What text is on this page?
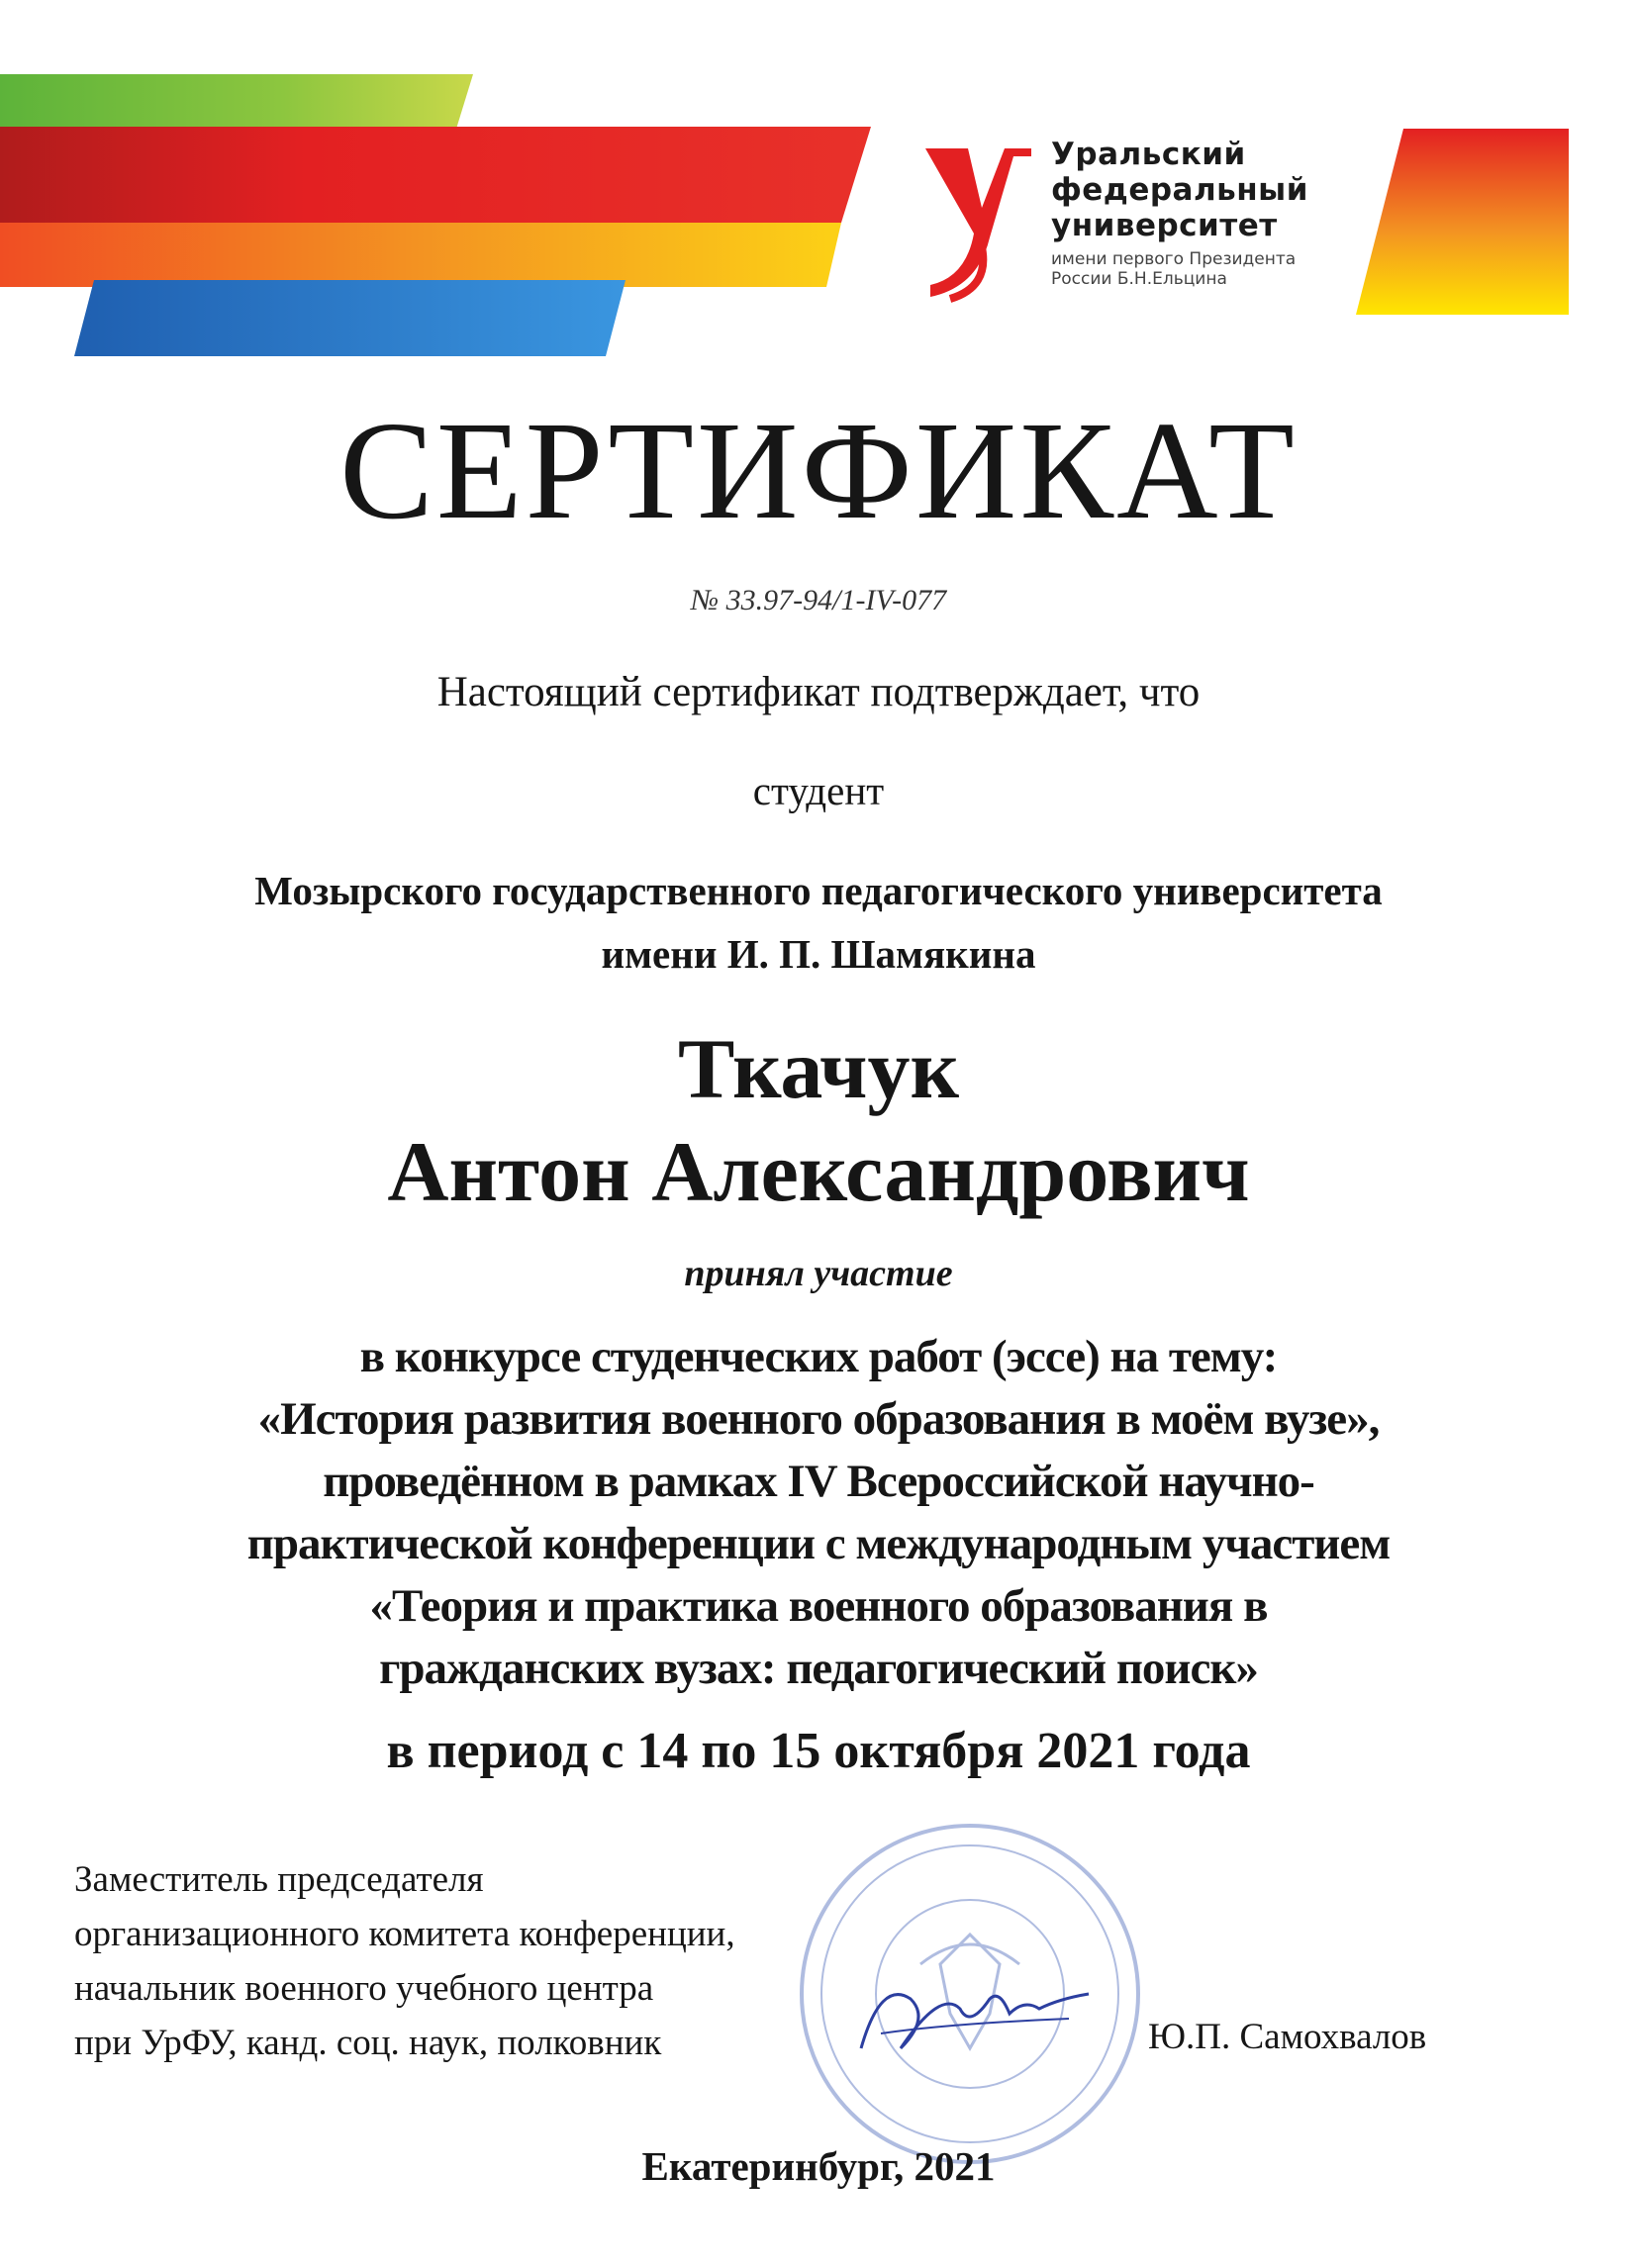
Уральский
федеральный
университет
имени первого Президента
России Б.Н.Ельцина
СЕРТИФИКАТ
№ 33.97-94/1-IV-077
Настоящий сертификат подтверждает, что
студент
Мозырского государственного педагогического университета
имени И. П. Шамякина
Ткачук
Антон Александрович
принял участие
в конкурсе студенческих работ (эссе) на тему:
«История развития военного образования в моём вузе»,
проведённом в рамках IV Всероссийской научно-
практической конференции с международным участием
«Теория и практика военного образования в
гражданских вузах: педагогический поиск»
в период с 14 по 15 октября 2021 года
Заместитель председателя
организационного комитета конференции,
начальник военного учебного центра
при УрФУ, канд. соц. наук, полковник	Ю.П. Самохвалов
Екатеринбург, 2021
